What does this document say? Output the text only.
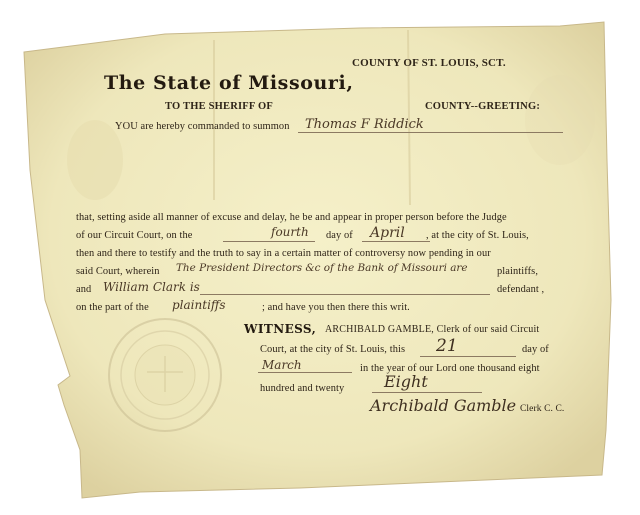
COUNTY OF ST. LOUIS, SCT.
The State of Missouri,
TO THE SHERIFF OF	COUNTY--GREETING:
YOU are hereby commanded to summon Thomas F Riddick
that, setting aside all manner of excuse and delay, he be and appear in proper person before the Judge
of our Circuit Court, on the	fourth day of April , at the city of St. Louis,
then and there to testify and the truth to say in a certain matter of controversy now pending in our
said Court, wherein The President Directors &c of the Bank of Missouri are	plaintiffs,
and William Clark is	defendant ,
on the part of the plaintiffs	; and have you then there this writ.
WITNESS, ARCHIBALD GAMBLE, Clerk of our said Circuit
Court, at the city of St. Louis, this 21	day of
March	in the year of our Lord one thousand eight
hundred and twenty Eight
Archibald Gamble Clerk C. C.
